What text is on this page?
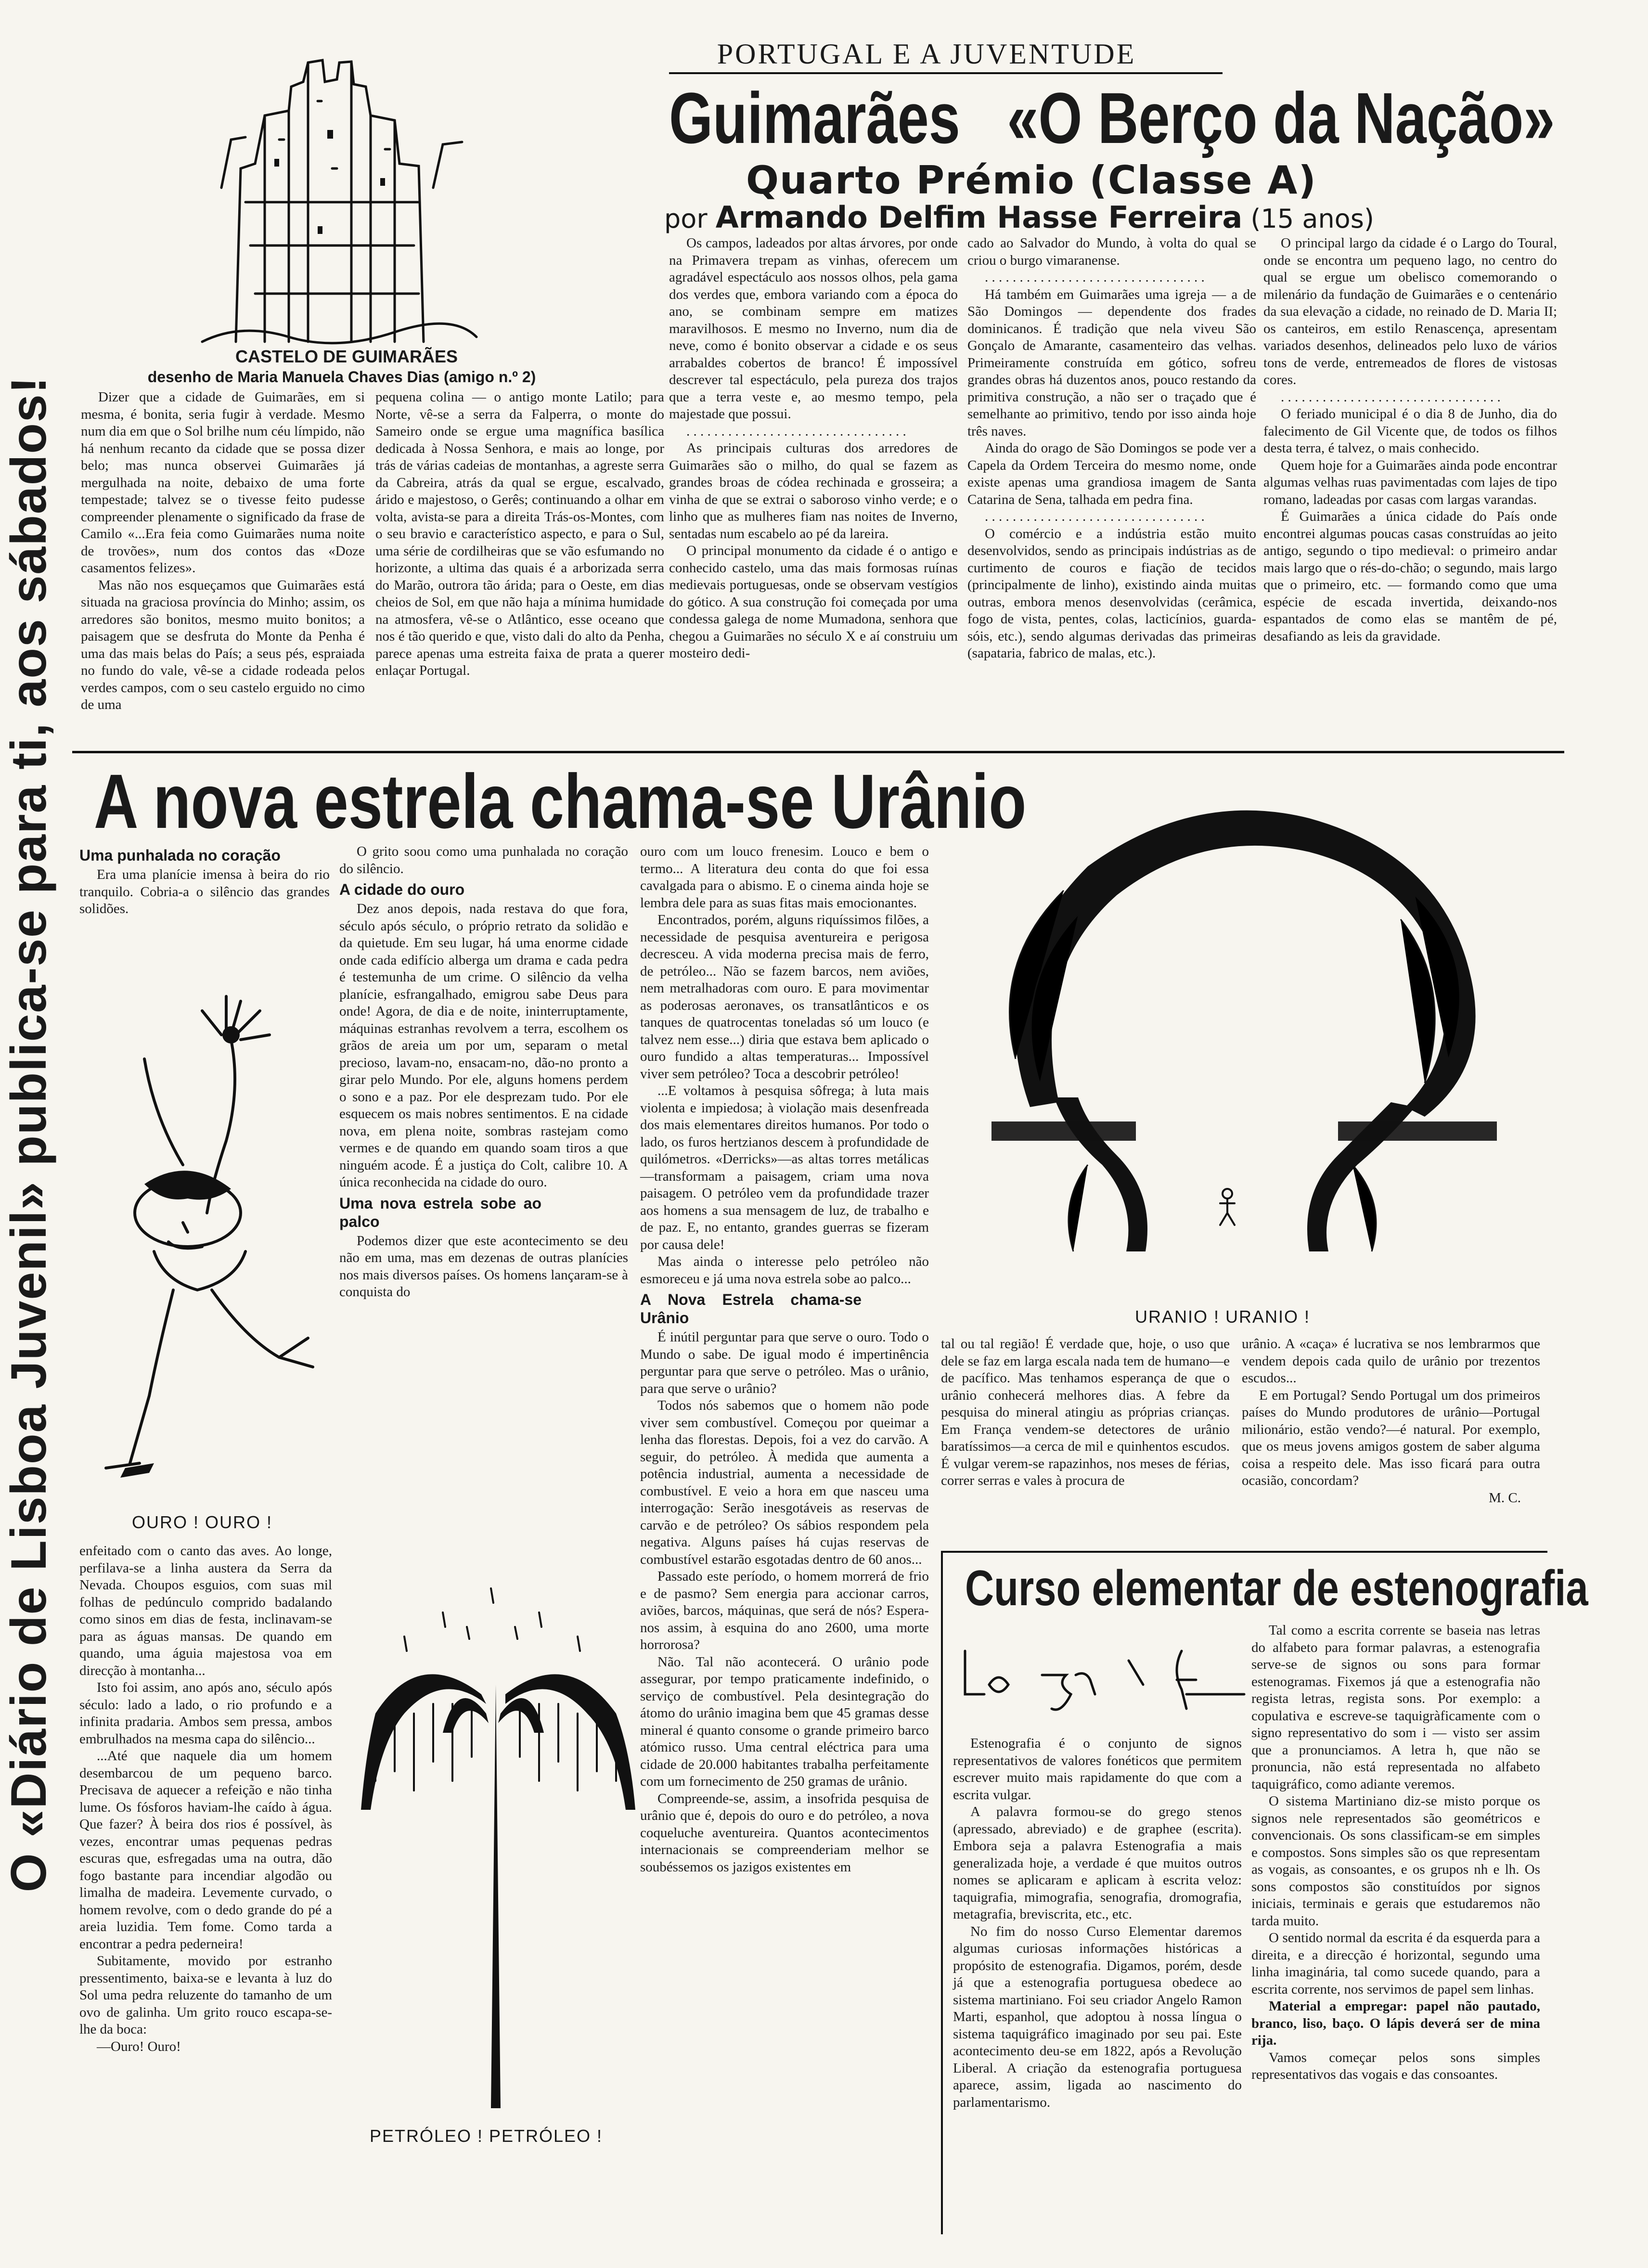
O «Diário de Lisboa Juvenil» publica-se para ti, aos sábados!
PORTUGAL E A JUVENTUDE
Guimarães   «O Berço da Nação»
Quarto Prémio (Classe A)
por Armando Delfim Hasse Ferreira (15 anos)
CASTELO DE GUIMARÃES
desenho de Maria Manuela Chaves Dias (amigo n.º 2)

Dizer que a cidade de Guimarães, em si mesma, é bonita, seria fugir à verdade. Mesmo num dia em que o Sol brilhe num céu límpido, não há nenhum recanto da cidade que se possa dizer belo; mas nunca observei Guimarães já mergulhada na noite, debaixo de uma forte tempestade; talvez se o tivesse feito pudesse compreender plenamente o significado da frase de Camilo «...Era feia como Guimarães numa noite de trovões», num dos contos das «Doze casamentos felizes».

Mas não nos esqueçamos que Guimarães está situada na graciosa província do Minho; assim, os arredores são bonitos, mesmo muito bonitos; a paisagem que se desfruta do Monte da Penha é uma das mais belas do País; a seus pés, espraiada no fundo do vale, vê-se a cidade rodeada pelos verdes campos, com o seu castelo erguido no cimo de uma

pequena colina — o antigo monte Latilo; para Norte, vê-se a serra da Falperra, o monte do Sameiro onde se ergue uma magnífica basílica dedicada à Nossa Senhora, e mais ao longe, por trás de várias cadeias de montanhas, a agreste serra da Cabreira, atrás da qual se ergue, escalvado, árido e majestoso, o Gerês; continuando a olhar em volta, avista-se para a direita Trás-os-Montes, com o seu bravio e característico aspecto, e para o Sul, uma série de cordilheiras que se vão esfumando no horizonte, a ultima das quais é a arborizada serra do Marão, outrora tão árida; para o Oeste, em dias cheios de Sol, em que não haja a mínima humidade na atmosfera, vê-se o Atlântico, esse oceano que nos é tão querido e que, visto dali do alto da Penha, parece apenas uma estreita faixa de prata a querer enlaçar Portugal.

Os campos, ladeados por altas árvores, por onde na Primavera trepam as vinhas, oferecem um agradável espectáculo aos nossos olhos, pela gama dos verdes que, embora variando com a época do ano, se combinam sempre em matizes maravilhosos. E mesmo no Inverno, num dia de neve, como é bonito observar a cidade e os seus arrabaldes cobertos de branco! É impossível descrever tal espectáculo, pela pureza dos trajos que a terra veste e, ao mesmo tempo, pela majestade que possui.

. . . . . . . . . . . . . . . . . . . . . . . . . . . . . . . .

As principais culturas dos arredores de Guimarães são o milho, do qual se fazem as grandes broas de códea rechinada e grosseira; a vinha de que se extrai o saboroso vinho verde; e o linho que as mulheres fiam nas noites de Inverno, sentadas num escabelo ao pé da lareira.

O principal monumento da cidade é o antigo e conhecido castelo, uma das mais formosas ruínas medievais portuguesas, onde se observam vestígios do gótico. A sua construção foi começada por uma condessa galega de nome Mumadona, senhora que chegou a Guimarães no século X e aí construiu um mosteiro dedi-

cado ao Salvador do Mundo, à volta do qual se criou o burgo vimaranense.

. . . . . . . . . . . . . . . . . . . . . . . . . . . . . . . .

Há também em Guimarães uma igreja — a de São Domingos — dependente dos frades dominicanos. É tradição que nela viveu São Gonçalo de Amarante, casamenteiro das velhas. Primeiramente construída em gótico, sofreu grandes obras há duzentos anos, pouco restando da primitiva construção, a não ser o traçado que é semelhante ao primitivo, tendo por isso ainda hoje três naves.

Ainda do orago de São Domingos se pode ver a Capela da Ordem Terceira do mesmo nome, onde existe apenas uma grandiosa imagem de Santa Catarina de Sena, talhada em pedra fina.

. . . . . . . . . . . . . . . . . . . . . . . . . . . . . . . .

O comércio e a indústria estão muito desenvolvidos, sendo as principais indústrias as de curtimento de couros e fiação de tecidos (principalmente de linho), existindo ainda muitas outras, embora menos desenvolvidas (cerâmica, fogo de vista, pentes, colas, lacticínios, guarda-sóis, etc.), sendo algumas derivadas das primeiras (sapataria, fabrico de malas, etc.).

O principal largo da cidade é o Largo do Toural, onde se encontra um pequeno lago, no centro do qual se ergue um obelisco comemorando o milenário da fundação de Guimarães e o centenário da sua elevação a cidade, no reinado de D. Maria II; os canteiros, em estilo Renascença, apresentam variados desenhos, delineados pelo luxo de vários tons de verde, entremeados de flores de vistosas cores.

. . . . . . . . . . . . . . . . . . . . . . . . . . . . . . . .

O feriado municipal é o dia 8 de Junho, dia do falecimento de Gil Vicente que, de todos os filhos desta terra, é talvez, o mais conhecido.

Quem hoje for a Guimarães ainda pode encontrar algumas velhas ruas pavimentadas com lajes de tipo romano, ladeadas por casas com largas varandas.

É Guimarães a única cidade do País onde encontrei algumas poucas casas construídas ao jeito antigo, segundo o tipo medieval: o primeiro andar mais largo que o rés-do-chão; o segundo, mais largo que o primeiro, etc. — formando como que uma espécie de escada invertida, deixando-nos espantados de como elas se mantêm de pé, desafiando as leis da gravidade.

A nova estrela chama-se Urânio
Uma punhalada no coração

Era uma planície imensa à beira do rio tranquilo. Cobria-a o silêncio das grandes solidões.

OURO ! OURO !

enfeitado com o canto das aves. Ao longe, perfilava-se a linha austera da Serra da Nevada. Choupos esguios, com suas mil folhas de pedúnculo comprido badalando como sinos em dias de festa, inclinavam-se para as águas mansas. De quando em quando, uma águia majestosa voa em direcção à montanha...

Isto foi assim, ano após ano, século após século: lado a lado, o rio profundo e a infinita pradaria. Ambos sem pressa, ambos embrulhados na mesma capa do silêncio...

...Até que naquele dia um homem desembarcou de um pequeno barco. Precisava de aquecer a refeição e não tinha lume. Os fósforos haviam-lhe caído à água. Que fazer? À beira dos rios é possível, às vezes, encontrar umas pequenas pedras escuras que, esfregadas uma na outra, dão fogo bastante para incendiar algodão ou limalha de madeira. Levemente curvado, o homem revolve, com o dedo grande do pé a areia luzidia. Tem fome. Como tarda a encontrar a pedra pederneira!

Subitamente, movido por estranho pressentimento, baixa-se e levanta à luz do Sol uma pedra reluzente do tamanho de um ovo de galinha. Um grito rouco escapa-se-lhe da boca:

—Ouro! Ouro!

O grito soou como uma punhalada no coração do silêncio.

A cidade do ouro

Dez anos depois, nada restava do que fora, século após século, o próprio retrato da solidão e da quietude. Em seu lugar, há uma enorme cidade onde cada edifício alberga um drama e cada pedra é testemunha de um crime. O silêncio da velha planície, esfrangalhado, emigrou sabe Deus para onde! Agora, de dia e de noite, ininterruptamente, máquinas estranhas revolvem a terra, escolhem os grãos de areia um por um, separam o metal precioso, lavam-no, ensacam-no, dão-no pronto a girar pelo Mundo. Por ele, alguns homens perdem o sono e a paz. Por ele desprezam tudo. Por ele esquecem os mais nobres sentimentos. E na cidade nova, em plena noite, sombras rastejam como vermes e de quando em quando soam tiros a que ninguém acode. É a justiça do Colt, calibre 10. A única reconhecida na cidade do ouro.

Uma nova estrela sobe ao palco

Podemos dizer que este acontecimento se deu não em uma, mas em dezenas de outras planícies nos mais diversos países. Os homens lançaram-se à conquista do

PETRÓLEO ! PETRÓLEO !

ouro com um louco frenesim. Louco e bem o termo... A literatura deu conta do que foi essa cavalgada para o abismo. E o cinema ainda hoje se lembra dele para as suas fitas mais emocionantes.

Encontrados, porém, alguns riquíssimos filões, a necessidade de pesquisa aventureira e perigosa decresceu. A vida moderna precisa mais de ferro, de petróleo... Não se fazem barcos, nem aviões, nem metralhadoras com ouro. E para movimentar as poderosas aeronaves, os transatlânticos e os tanques de quatrocentas toneladas só um louco (e talvez nem esse...) diria que estava bem aplicado o ouro fundido a altas temperaturas... Impossível viver sem petróleo? Toca a descobrir petróleo!

...E voltamos à pesquisa sôfrega; à luta mais violenta e impiedosa; à violação mais desenfreada dos mais elementares direitos humanos. Por todo o lado, os furos hertzianos descem à profundidade de quilómetros. «Derricks»—as altas torres metálicas—transformam a paisagem, criam uma nova paisagem. O petróleo vem da profundidade trazer aos homens a sua mensagem de luz, de trabalho e de paz. E, no entanto, grandes guerras se fizeram por causa dele!

Mas ainda o interesse pelo petróleo não esmoreceu e já uma nova estrela sobe ao palco...

A Nova Estrela chama-se Urânio

É inútil perguntar para que serve o ouro. Todo o Mundo o sabe. De igual modo é impertinência perguntar para que serve o petróleo. Mas o urânio, para que serve o urânio?

Todos nós sabemos que o homem não pode viver sem combustível. Começou por queimar a lenha das florestas. Depois, foi a vez do carvão. A seguir, do petróleo. À medida que aumenta a potência industrial, aumenta a necessidade de combustível. E veio a hora em que nasceu uma interrogação: Serão inesgotáveis as reservas de carvão e de petróleo? Os sábios respondem pela negativa. Alguns países há cujas reservas de combustível estarão esgotadas dentro de 60 anos...

Passado este período, o homem morrerá de frio e de pasmo? Sem energia para accionar carros, aviões, barcos, máquinas, que será de nós? Espera-nos assim, à esquina do ano 2600, uma morte horrorosa?

Não. Tal não acontecerá. O urânio pode assegurar, por tempo praticamente indefinido, o serviço de combustível. Pela desintegração do átomo do urânio imagina bem que 45 gramas desse mineral é quanto consome o grande primeiro barco atómico russo. Uma central eléctrica para uma cidade de 20.000 habitantes trabalha perfeitamente com um fornecimento de 250 gramas de urânio.

Compreende-se, assim, a insofrida pesquisa de urânio que é, depois do ouro e do petróleo, a nova coqueluche aventureira. Quantos acontecimentos internacionais se compreenderiam melhor se soubéssemos os jazigos existentes em

URANIO ! URANIO !

tal ou tal região! É verdade que, hoje, o uso que dele se faz em larga escala nada tem de humano—e de pacífico. Mas tenhamos esperança de que o urânio conhecerá melhores dias. A febre da pesquisa do mineral atingiu as próprias crianças. Em França vendem-se detectores de urânio baratíssimos—a cerca de mil e quinhentos escudos. É vulgar verem-se rapazinhos, nos meses de férias, correr serras e vales à procura de

urânio. A «caça» é lucrativa se nos lembrarmos que vendem depois cada quilo de urânio por trezentos escudos...

E em Portugal? Sendo Portugal um dos primeiros países do Mundo produtores de urânio—Portugal milionário, estão vendo?—é natural. Por exemplo, que os meus jovens amigos gostem de saber alguma coisa a respeito dele. Mas isso ficará para outra ocasião, concordam?

M. C.
Curso elementar de estenografia

Estenografia é o conjunto de signos representativos de valores fonéticos que permitem escrever muito mais rapidamente do que com a escrita vulgar.

A palavra formou-se do grego stenos (apressado, abreviado) e de graphee (escrita). Embora seja a palavra Estenografia a mais generalizada hoje, a verdade é que muitos outros nomes se aplicaram e aplicam à escrita veloz: taquigrafia, mimografia, senografia, dromografia, metagrafia, breviscrita, etc., etc.

No fim do nosso Curso Elementar daremos algumas curiosas informações históricas a propósito de estenografia. Digamos, porém, desde já que a estenografia portuguesa obedece ao sistema martiniano. Foi seu criador Angelo Ramon Marti, espanhol, que adoptou à nossa língua o sistema taquigráfico imaginado por seu pai. Este acontecimento deu-se em 1822, após a Revolução Liberal. A criação da estenografia portuguesa aparece, assim, ligada ao nascimento do parlamentarismo.

Tal como a escrita corrente se baseia nas letras do alfabeto para formar palavras, a estenografia serve-se de signos ou sons para formar estenogramas. Fixemos já que a estenografia não regista letras, regista sons. Por exemplo: a copulativa e escreve-se taquigràficamente com o signo representativo do som i — visto ser assim que a pronunciamos. A letra h, que não se pronuncia, não está representada no alfabeto taquigráfico, como adiante veremos.

O sistema Martiniano diz-se misto porque os signos nele representados são geométricos e convencionais. Os sons classificam-se em simples e compostos. Sons simples são os que representam as vogais, as consoantes, e os grupos nh e lh. Os sons compostos são constituídos por signos iniciais, terminais e gerais que estudaremos não tarda muito.

O sentido normal da escrita é da esquerda para a direita, e a direcção é horizontal, segundo uma linha imaginária, tal como sucede quando, para a escrita corrente, nos servimos de papel sem linhas.

Material a empregar: papel não pautado, branco, liso, baço. O lápis deverá ser de mina rija.

Vamos começar pelos sons simples representativos das vogais e das consoantes.
